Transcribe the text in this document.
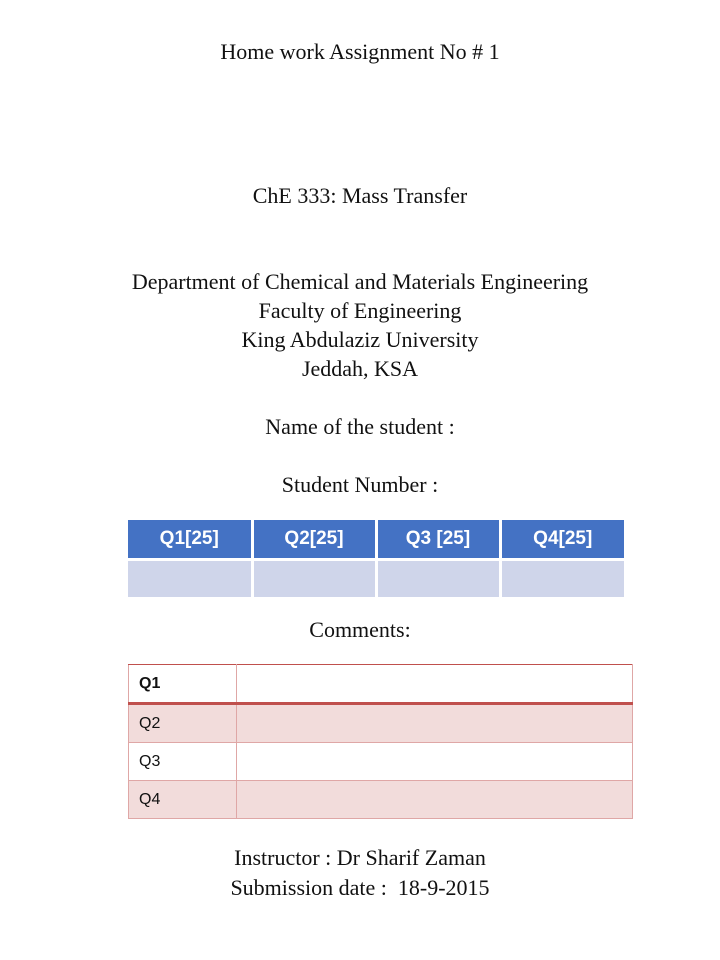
Home work Assignment No # 1
ChE 333: Mass Transfer
Department of Chemical and Materials Engineering
Faculty of Engineering
King Abdulaziz University
Jeddah, KSA
Name of the student :
Student Number :
Q1[25]	Q2[25]	Q3 [25]	Q4[25]

Comments:
Q1	
Q2	
Q3	
Q4	
Instructor : Dr Sharif Zaman
Submission date :  18-9-2015
